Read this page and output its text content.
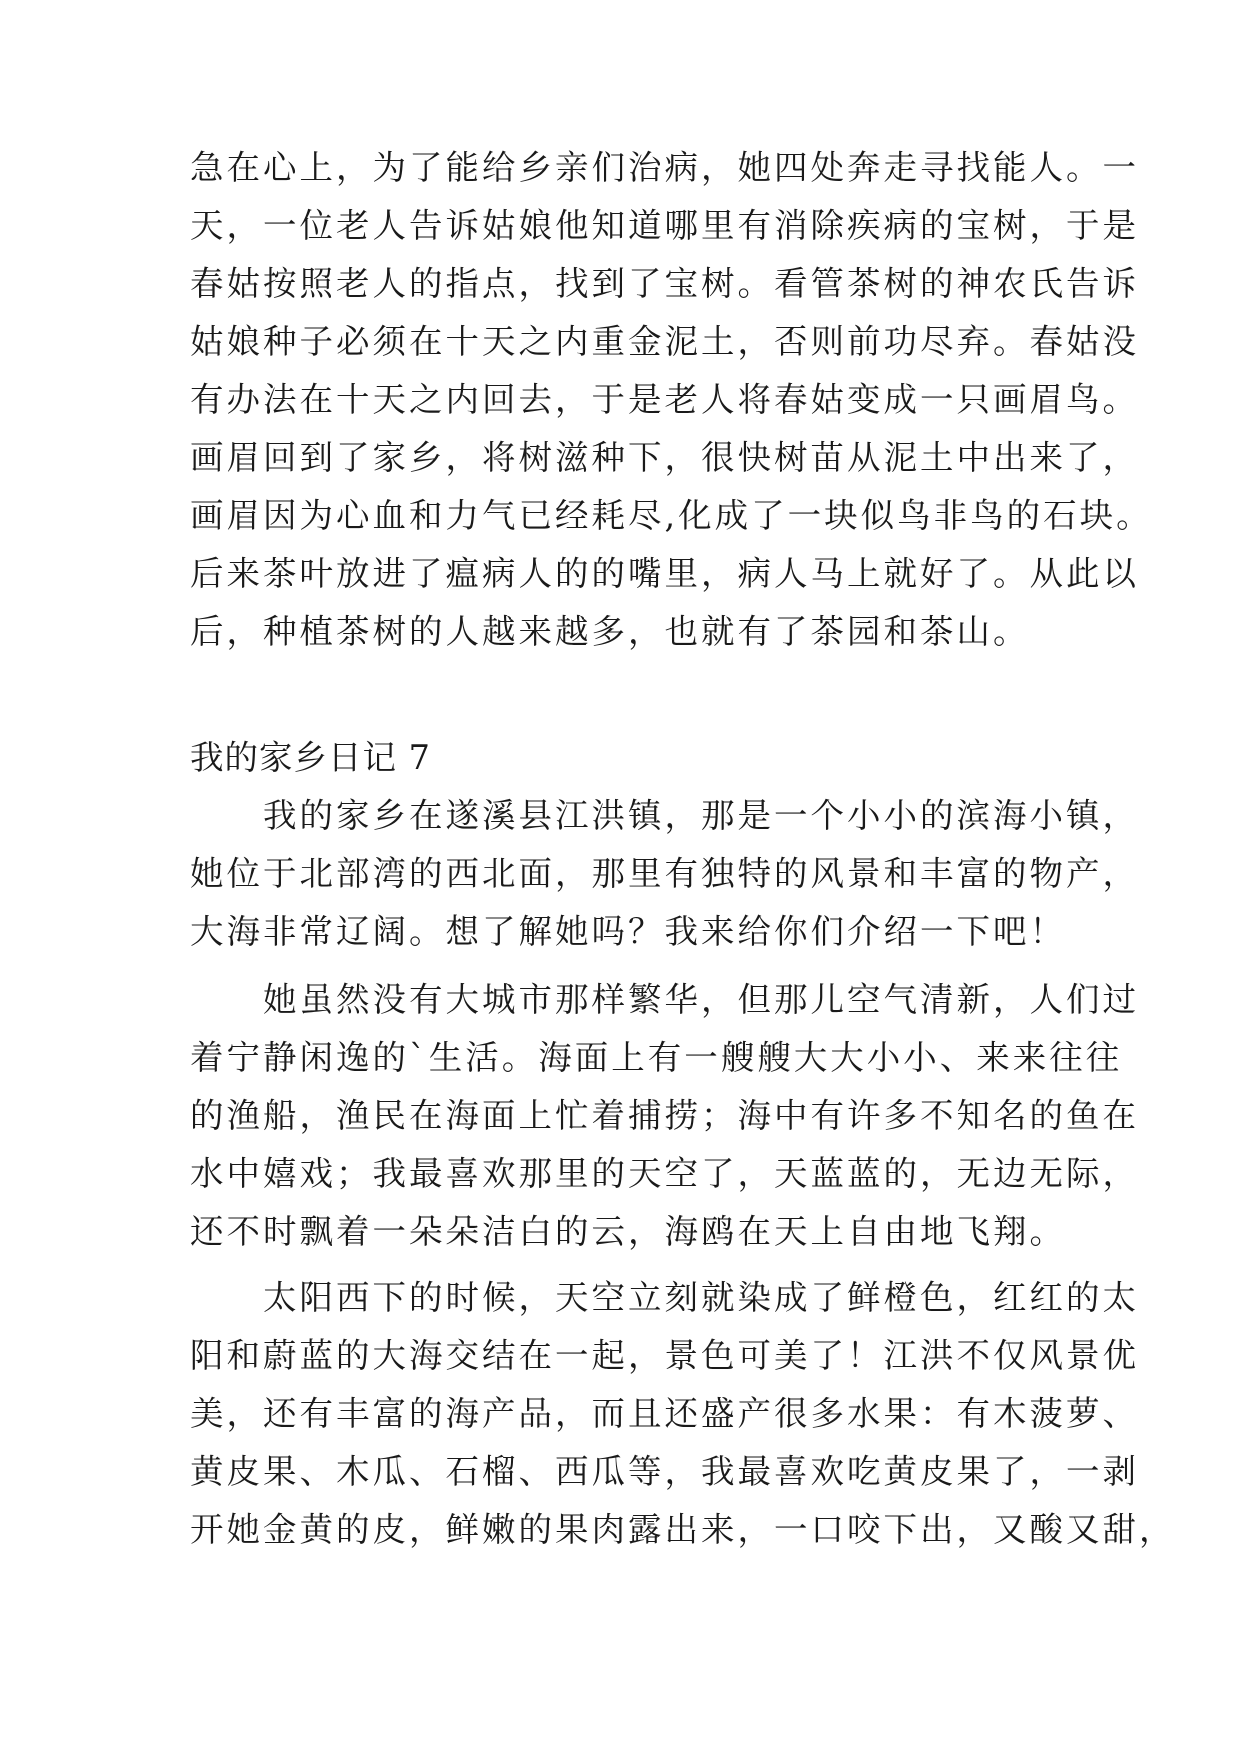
急在心上，为了能给乡亲们治病，她四处奔走寻找能人。一

天，一位老人告诉姑娘他知道哪里有消除疾病的宝树，于是

春姑按照老人的指点，找到了宝树。看管茶树的神农氏告诉

姑娘种子必须在十天之内重金泥土，否则前功尽弃。春姑没

有办法在十天之内回去，于是老人将春姑变成一只画眉鸟。

画眉回到了家乡，将树滋种下，很快树苗从泥土中出来了，

画眉因为心血和力气已经耗尽,化成了一块似鸟非鸟的石块。

后来茶叶放进了瘟病人的的嘴里，病人马上就好了。从此以

后，种植茶树的人越来越多，也就有了茶园和茶山。

我的家乡日记 7

　　我的家乡在遂溪县江洪镇，那是一个小小的滨海小镇，

她位于北部湾的西北面，那里有独特的风景和丰富的物产，

大海非常辽阔。想了解她吗？我来给你们介绍一下吧！

　　她虽然没有大城市那样繁华，但那儿空气清新，人们过

着宁静闲逸的`生活。海面上有一艘艘大大小小、来来往往

的渔船，渔民在海面上忙着捕捞；海中有许多不知名的鱼在

水中嬉戏；我最喜欢那里的天空了，天蓝蓝的，无边无际，

还不时飘着一朵朵洁白的云，海鸥在天上自由地飞翔。

　　太阳西下的时候，天空立刻就染成了鲜橙色，红红的太

阳和蔚蓝的大海交结在一起，景色可美了！江洪不仅风景优

美，还有丰富的海产品，而且还盛产很多水果：有木菠萝、

黄皮果、木瓜、石榴、西瓜等，我最喜欢吃黄皮果了，一剥

开她金黄的皮，鲜嫩的果肉露出来，一口咬下出，又酸又甜，
